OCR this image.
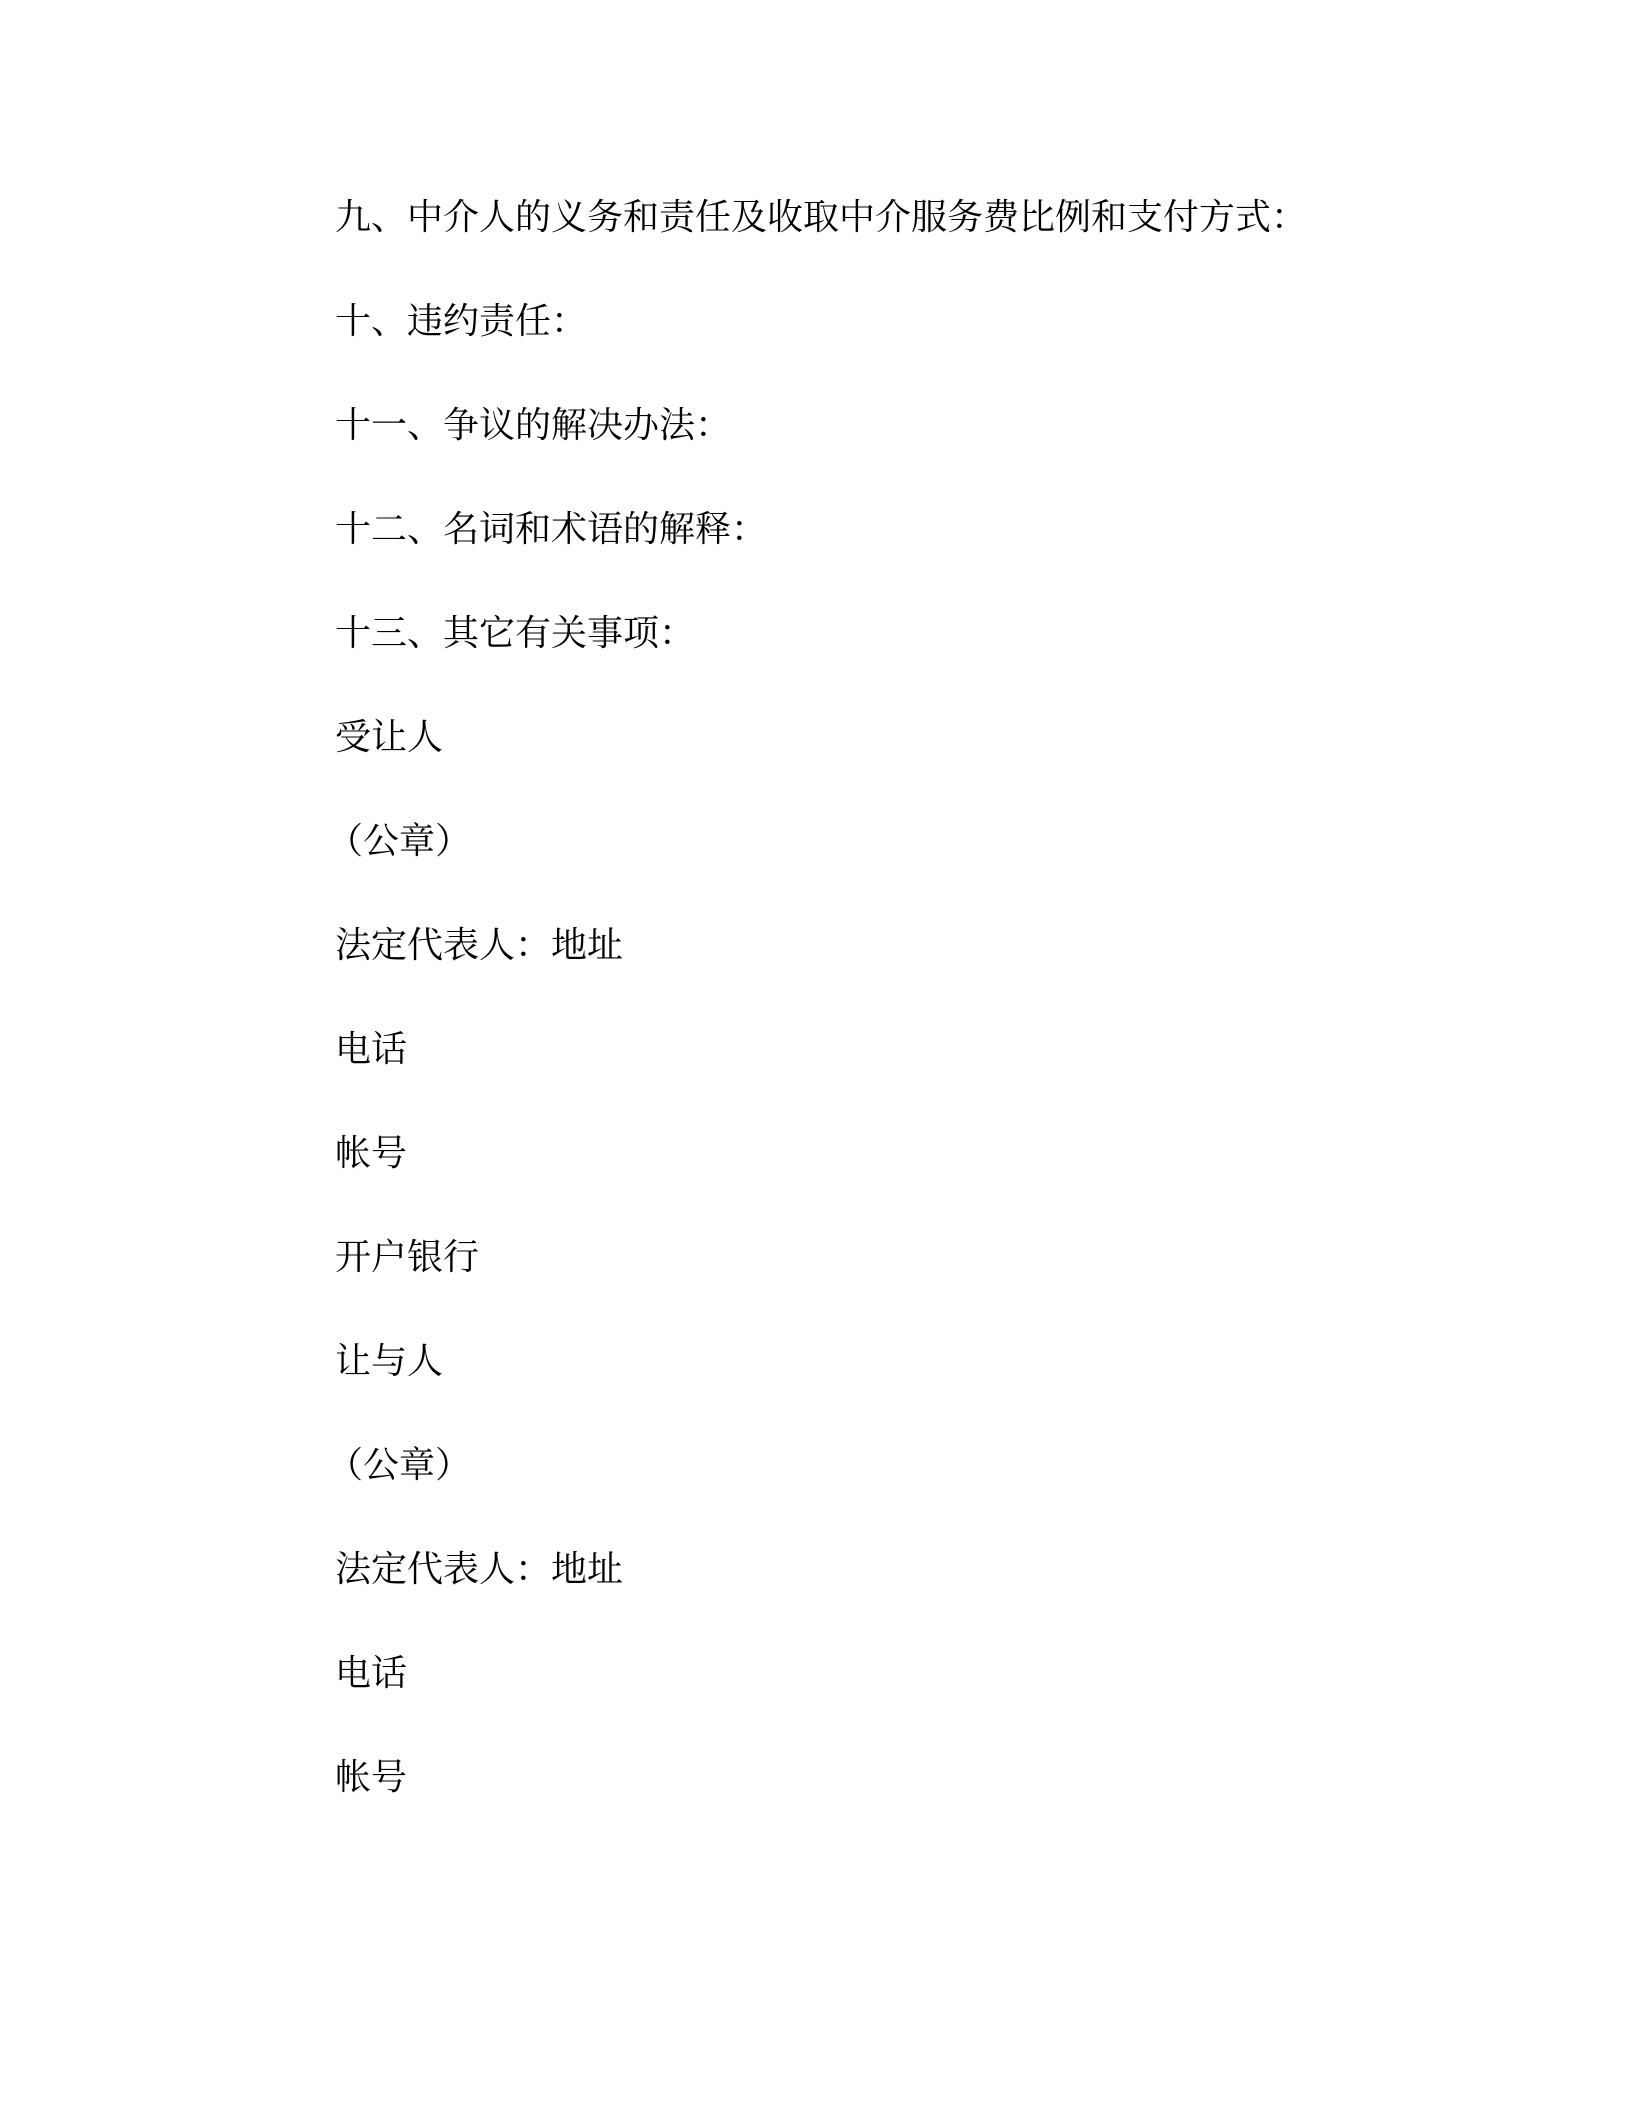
九、中介人的义务和责任及收取中介服务费比例和支付方式：
十、违约责任：
十一、争议的解决办法：
十二、名词和术语的解释：
十三、其它有关事项：
受让人
（公章）
法定代表人：地址
电话
帐号
开户银行
让与人
（公章）
法定代表人：地址
电话
帐号
